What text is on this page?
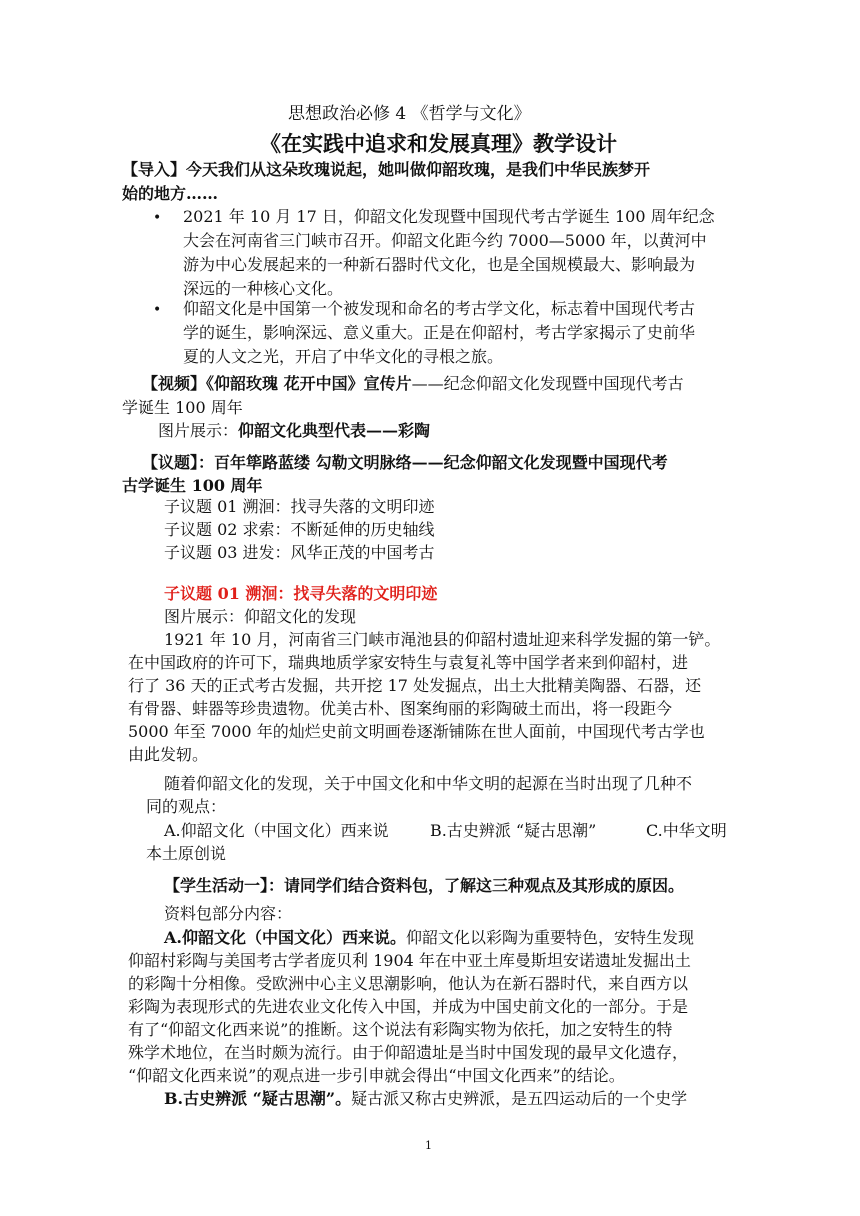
思想政治必修 4 《哲学与文化》
《在实践中追求和发展真理》教学设计
【导入】今天我们从这朵玫瑰说起，她叫做仰韶玫瑰，是我们中华民族梦开
始的地方……
• 2021 年 10 月 17 日，仰韶文化发现暨中国现代考古学诞生 100 周年纪念
大会在河南省三门峡市召开。仰韶文化距今约 7000—5000 年，以黄河中
游为中心发展起来的一种新石器时代文化，也是全国规模最大、影响最为
深远的一种核心文化。
• 仰韶文化是中国第一个被发现和命名的考古学文化，标志着中国现代考古
学的诞生，影响深远、意义重大。正是在仰韶村，考古学家揭示了史前华
夏的人文之光，开启了中华文化的寻根之旅。
【视频】《仰韶玫瑰 花开中国》宣传片——纪念仰韶文化发现暨中国现代考古
学诞生 100 周年
图片展示：仰韶文化典型代表——彩陶
【议题】：百年筚路蓝缕 勾勒文明脉络——纪念仰韶文化发现暨中国现代考
古学诞生 100 周年
子议题 01 溯洄：找寻失落的文明印迹
子议题 02 求索：不断延伸的历史轴线
子议题 03 进发：风华正茂的中国考古
子议题 01 溯洄：找寻失落的文明印迹
图片展示：仰韶文化的发现
1921 年 10 月，河南省三门峡市渑池县的仰韶村遗址迎来科学发掘的第一铲。
在中国政府的许可下，瑞典地质学家安特生与袁复礼等中国学者来到仰韶村，进
行了 36 天的正式考古发掘，共开挖 17 处发掘点，出土大批精美陶器、石器，还
有骨器、蚌器等珍贵遗物。优美古朴、图案绚丽的彩陶破土而出，将一段距今
5000 年至 7000 年的灿烂史前文明画卷逐渐铺陈在世人面前，中国现代考古学也
由此发轫。
随着仰韶文化的发现，关于中国文化和中华文明的起源在当时出现了几种不
同的观点：
A.仰韶文化（中国文化）西来说	B.古史辨派 “疑古思潮”	C.中华文明
本土原创说
【学生活动一】：请同学们结合资料包，了解这三种观点及其形成的原因。
资料包部分内容：
A.仰韶文化（中国文化）西来说。仰韶文化以彩陶为重要特色，安特生发现
仰韶村彩陶与美国考古学者庞贝利 1904 年在中亚土库曼斯坦安诺遗址发掘出土
的彩陶十分相像。受欧洲中心主义思潮影响，他认为在新石器时代，来自西方以
彩陶为表现形式的先进农业文化传入中国，并成为中国史前文化的一部分。于是
有了“仰韶文化西来说”的推断。这个说法有彩陶实物为依托，加之安特生的特
殊学术地位，在当时颇为流行。由于仰韶遗址是当时中国发现的最早文化遗存，
“仰韶文化西来说”的观点进一步引申就会得出“中国文化西来”的结论。
B.古史辨派 “疑古思潮”。疑古派又称古史辨派，是五四运动后的一个史学
1
